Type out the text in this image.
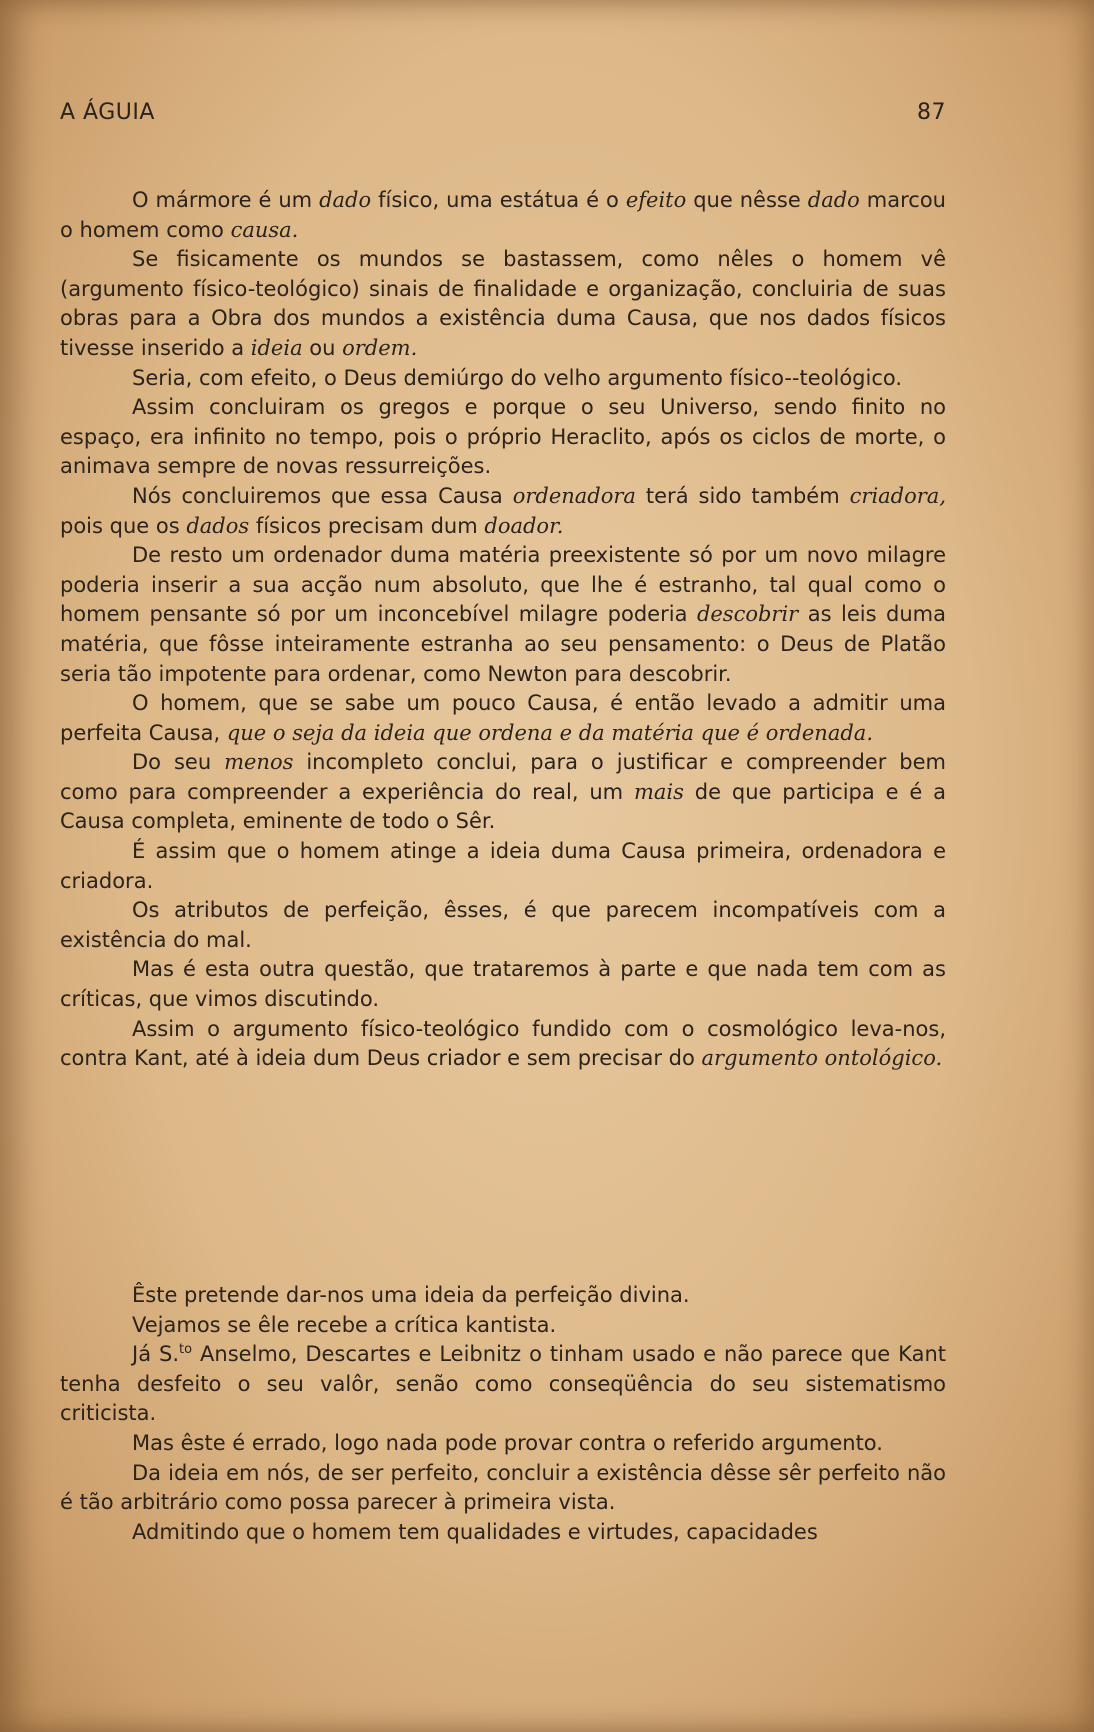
A ÁGUIA	87

O mármore é um dado físico, uma estátua é o efeito que nêsse dado marcou o homem como causa.

Se fisicamente os mundos se bastassem, como nêles o homem vê (argumento físico-teológico) sinais de finalidade e organização, concluiria de suas obras para a Obra dos mundos a existência duma Causa, que nos dados físicos tivesse inserido a ideia ou ordem.

Seria, com efeito, o Deus demiúrgo do velho argumento físico--teológico.

Assim concluiram os gregos e porque o seu Universo, sendo finito no espaço, era infinito no tempo, pois o próprio Heraclito, após os ciclos de morte, o animava sempre de novas ressurreições.

Nós concluiremos que essa Causa ordenadora terá sido também criadora, pois que os dados físicos precisam dum doador.

De resto um ordenador duma matéria preexistente só por um novo milagre poderia inserir a sua acção num absoluto, que lhe é estranho, tal qual como o homem pensante só por um inconcebível milagre poderia descobrir as leis duma matéria, que fôsse inteiramente estranha ao seu pensamento: o Deus de Platão seria tão impotente para ordenar, como Newton para descobrir.

O homem, que se sabe um pouco Causa, é então levado a admitir uma perfeita Causa, que o seja da ideia que ordena e da matéria que é ordenada.

Do seu menos incompleto conclui, para o justificar e compreender bem como para compreender a experiência do real, um mais de que participa e é a Causa completa, eminente de todo o Sêr.

É assim que o homem atinge a ideia duma Causa primeira, ordenadora e criadora.

Os atributos de perfeição, êsses, é que parecem incompatíveis com a existência do mal.

Mas é esta outra questão, que trataremos à parte e que nada tem com as críticas, que vimos discutindo.

Assim o argumento físico-teológico fundido com o cosmológico leva-nos, contra Kant, até à ideia dum Deus criador e sem precisar do argumento ontológico.

Êste pretende dar-nos uma ideia da perfeição divina.

Vejamos se êle recebe a crítica kantista.

Já S.$^{to}$ Anselmo, Descartes e Leibnitz o tinham usado e não parece que Kant tenha desfeito o seu valôr, senão como conseqüência do seu sistematismo criticista.

Mas êste é errado, logo nada pode provar contra o referido argumento.

Da ideia em nós, de ser perfeito, concluir a existência dêsse sêr perfeito não é tão arbitrário como possa parecer à primeira vista.

Admitindo que o homem tem qualidades e virtudes, capacidades
